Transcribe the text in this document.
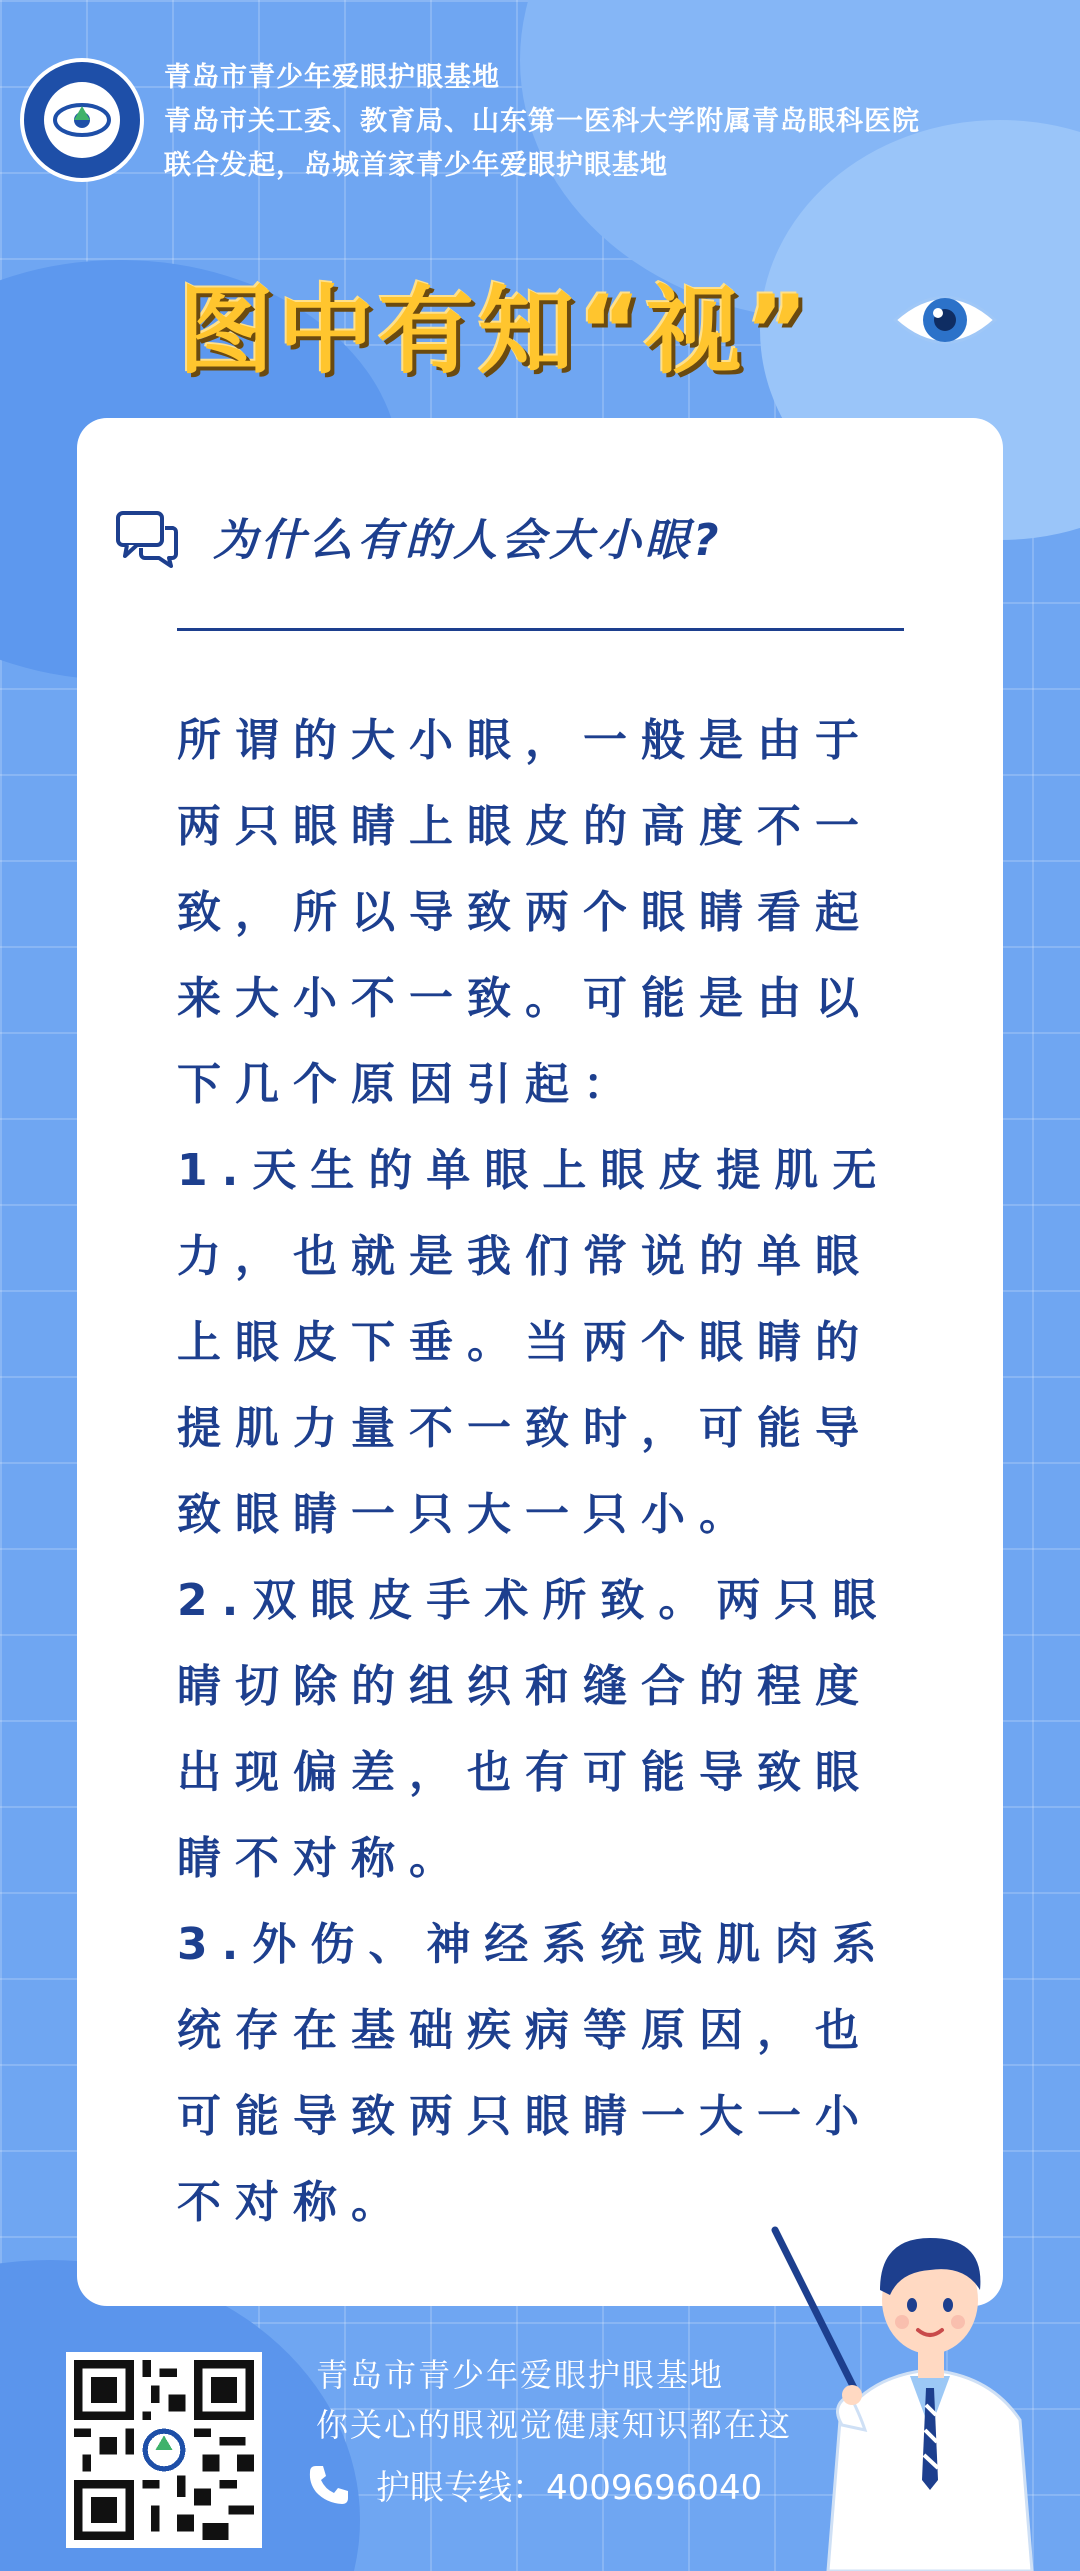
青岛市青少年爱眼护眼基地
青岛市关工委、教育局、山东第一医科大学附属青岛眼科医院
联合发起，岛城首家青少年爱眼护眼基地
图中有知“视”
为什么有的人会大小眼?

所谓的大小眼，一般是由于两只眼睛上眼皮的高度不一致，所以导致两个眼睛看起来大小不一致。可能是由以下几个原因引起：

1.天生的单眼上眼皮提肌无力，也就是我们常说的单眼上眼皮下垂。当两个眼睛的提肌力量不一致时，可能导致眼睛一只大一只小。

2.双眼皮手术所致。两只眼睛切除的组织和缝合的程度出现偏差，也有可能导致眼睛不对称。

3.外伤、神经系统或肌肉系统存在基础疾病等原因，也可能导致两只眼睛一大一小不对称。

青岛市青少年爱眼护眼基地
你关心的眼视觉健康知识都在这
护眼专线：4009696040
